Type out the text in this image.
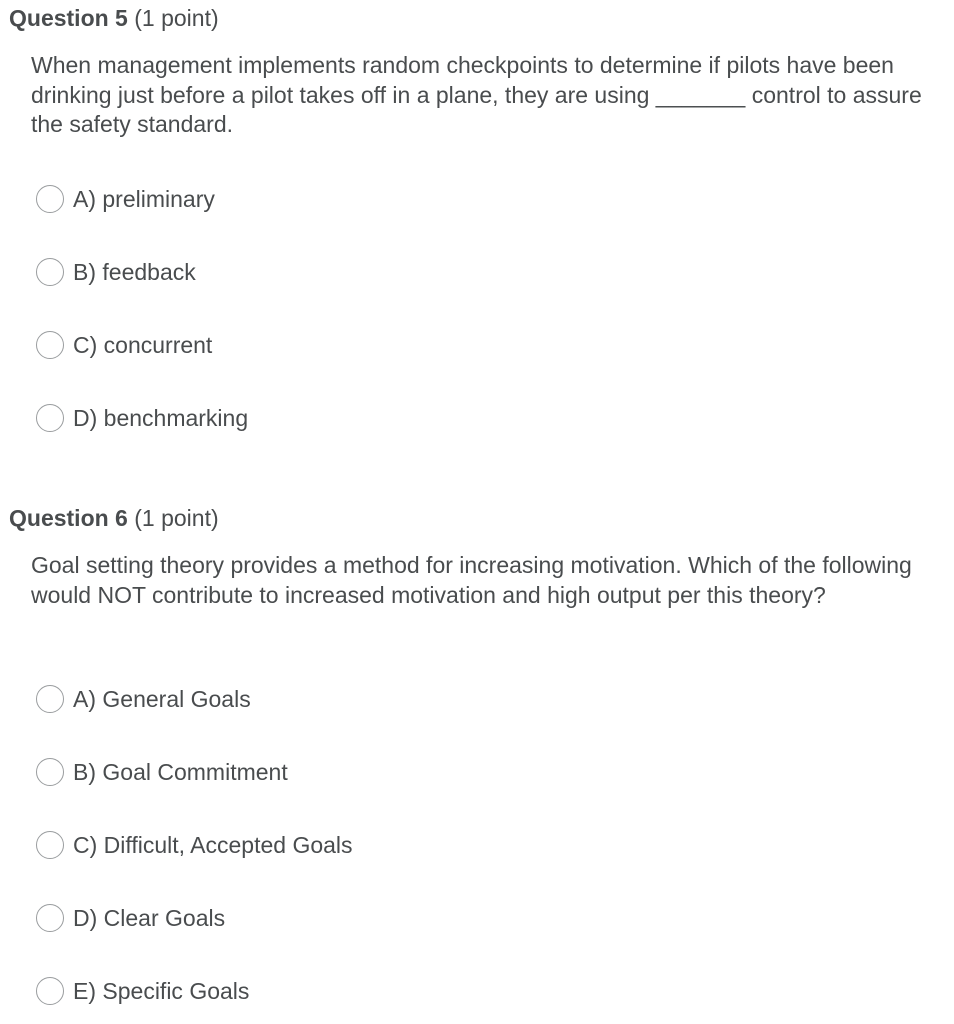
Question 5 (1 point)
When management implements random checkpoints to determine if pilots have been drinking just before a pilot takes off in a plane, they are using _______ control to assure the safety standard.
A) preliminary
B) feedback
C) concurrent
D) benchmarking
Question 6 (1 point)
Goal setting theory provides a method for increasing motivation. Which of the following would NOT contribute to increased motivation and high output per this theory?
A) General Goals
B) Goal Commitment
C) Difficult, Accepted Goals
D) Clear Goals
E) Specific Goals
